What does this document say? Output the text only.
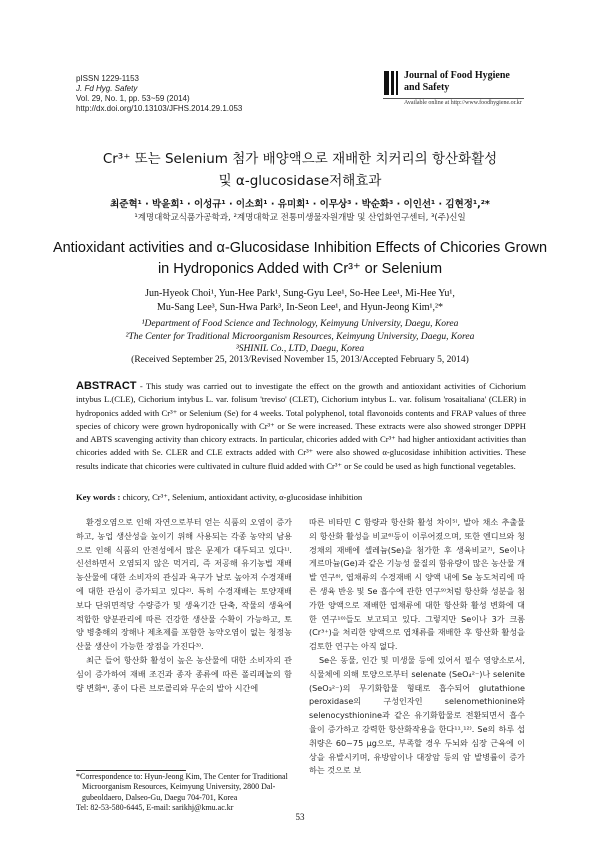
pISSN 1229-1153
J. Fd Hyg. Safety
Vol. 29, No. 1, pp. 53~59 (2014)
http://dx.doi.org/10.13103/JFHS.2014.29.1.053
Journal of Food Hygiene
and Safety
Available online at http://www.foodhygiene.or.kr
Cr³⁺ 또는 Selenium 첨가 배양액으로 재배한 치커리의 항산화활성
및 α-glucosidase저해효과
최준혁¹ · 박윤희¹ · 이성규¹ · 이소희¹ · 유미희¹ · 이무상³ · 박순화³ · 이인선¹ · 김현정¹,²*
¹계명대학교식품가공학과, ²계명대학교 전통미생물자원개발 및 산업화연구센터, ³(주)신일
Antioxidant activities and α-Glucosidase Inhibition Effects of Chicories Grown
in Hydroponics Added with Cr³⁺ or Selenium
Jun-Hyeok Choi¹, Yun-Hee Park¹, Sung-Gyu Lee¹, So-Hee Lee¹, Mi-Hee Yu¹,
Mu-Sang Lee³, Sun-Hwa Park³, In-Seon Lee¹, and Hyun-Jeong Kim¹,²*
¹Department of Food Science and Technology, Keimyung University, Daegu, Korea
²The Center for Traditional Microorganism Resources, Keimyung University, Daegu, Korea
³SHINIL Co., LTD, Daegu, Korea
(Received September 25, 2013/Revised November 15, 2013/Accepted February 5, 2014)
ABSTRACT - This study was carried out to investigate the effect on the growth and antioxidant activities of Cichorium intybus L.(CLE), Cichorium intybus L. var. folisum 'treviso' (CLET), Cichorium intybus L. var. folisum 'rosaitaliana' (CLER) in hydroponics added with Cr³⁺ or Selenium (Se) for 4 weeks. Total polyphenol, total flavonoids contents and FRAP values of three species of chicory were grown hydroponically with Cr³⁺ or Se were increased. These extracts were also showed stronger DPPH and ABTS scavenging activity than chicory extracts. In particular, chicories added with Cr³⁺ had higher antioxidant activities than chicories added with Se. CLER and CLE extracts added with Cr³⁺ were also showed α-glucosidase inhibition activities. These results indicate that chicories were cultivated in culture fluid added with Cr³⁺ or Se could be used as high functional vegetables.
Key words : chicory, Cr³⁺, Selenium, antioxidant activity, α-glucosidase inhibition

환경오염으로 인해 자연으로부터 얻는 식품의 오염이 증가하고, 농업 생산성을 높이기 위해 사용되는 각종 농약의 남용으로 인해 식품의 안전성에서 많은 문제가 대두되고 있다¹⁾. 신선하면서 오염되지 않은 먹거리, 즉 저공해 유기농법 재배농산물에 대한 소비자의 관심과 욕구가 날로 높아져 수경재배에 대한 관심이 증가되고 있다²⁾. 특히 수경재배는 토양재배 보다 단위면적당 수량증가 및 생육기간 단축, 작물의 생육에 적합한 양분관리에 따른 건강한 생산물 수확이 가능하고, 토양 병충해의 장해나 제초제를 포함한 농약오염이 없는 청정농산물 생산이 가능한 장점을 가진다³⁾.

최근 들어 항산화 활성이 높은 농산물에 대한 소비자의 관심이 증가하여 재배 조건과 종자 종류에 따른 폴리페놀의 함량 변화⁴⁾, 종이 다른 브로콜리와 무순의 발아 시간에

따른 비타민 C 함량과 항산화 활성 차이⁵⁾, 발아 채소 추출물의 항산화 활성을 비교⁶⁾등이 이루어졌으며, 또한 엔디브와 청경채의 재배에 셀레늄(Se)을 첨가한 후 생육비교⁷⁾, Se이나 게르마늄(Ge)과 같은 기능성 물질의 함유량이 많은 농산물 개발 연구⁸⁾, 엽채류의 수경재배 시 양액 내에 Se 농도처리에 따른 생육 반응 및 Se 흡수에 관한 연구⁹⁾처럼 항산화 성분을 첨가한 양액으로 재배한 엽채류에 대한 항산화 활성 변화에 대한 연구¹⁰⁾들도 보고되고 있다. 그렇지만 Se이나 3가 크롬 (Cr³⁺)을 처리한 양액으로 엽채류를 재배한 후 항산화 활성을 검토한 연구는 아직 없다.

Se은 동물, 인간 및 미생물 등에 있어서 필수 영양소로서, 식물체에 의해 토양으로부터 selenate (SeO₄²⁻)나 selenite (SeO₃²⁻)의 무기화합물 형태로 흡수되어 glutathione peroxidase의 구성인자인 selenomethionine와 selenocysthionine과 같은 유기화합물로 전환되면서 흡수율이 증가하고 강력한 항산화작용을 한다¹¹,¹²⁾. Se의 하루 섭취량은 60~75 μg으로, 부족할 경우 두뇌와 심장 근육에 이상을 유발시키며, 유방암이나 대장암 등의 암 발병률이 증가하는 것으로 보

*Correspondence to: Hyun-Jeong Kim, The Center for Traditional
Microorganism Resources, Keimyung University, 2800 Dal-
gubeoldaero, Dalseo-Gu, Daegu 704-701, Korea
Tel: 82-53-580-6445, E-mail: sarikhj@kmu.ac.kr
53
